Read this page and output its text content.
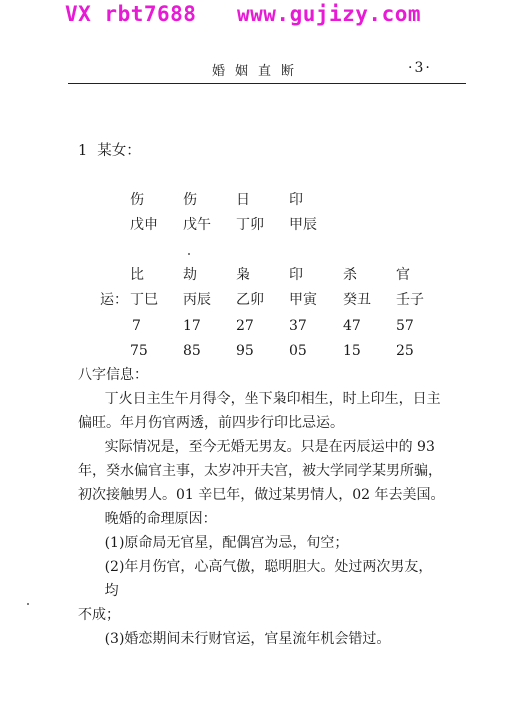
VX rbt7688 www.gujizy.com
婚姻直断	·3·
1 某女：
伤	伤	日	印
戊申 戊午 丁卯 甲辰
比	劫	枭	印	杀	官
运： 丁巳 丙辰 乙卯 甲寅 癸丑 壬子
7	17	27	37	47	57
75	85	95	05	15	25
八字信息：
丁火日主生午月得令，坐下枭印相生，时上印生，日主
偏旺。年月伤官两透，前四步行印比忌运。
实际情况是，至今无婚无男友。只是在丙辰运中的 93
年，癸水偏官主事，太岁冲开夫宫，被大学同学某男所骗，
初次接触男人。01 辛巳年，做过某男情人，02 年去美国。
晚婚的命理原因：
(1)原命局无官星，配偶宫为忌，旬空；
(2)年月伤官，心高气傲，聪明胆大。处过两次男友，均
不成；
(3)婚恋期间未行财官运，官星流年机会错过。
